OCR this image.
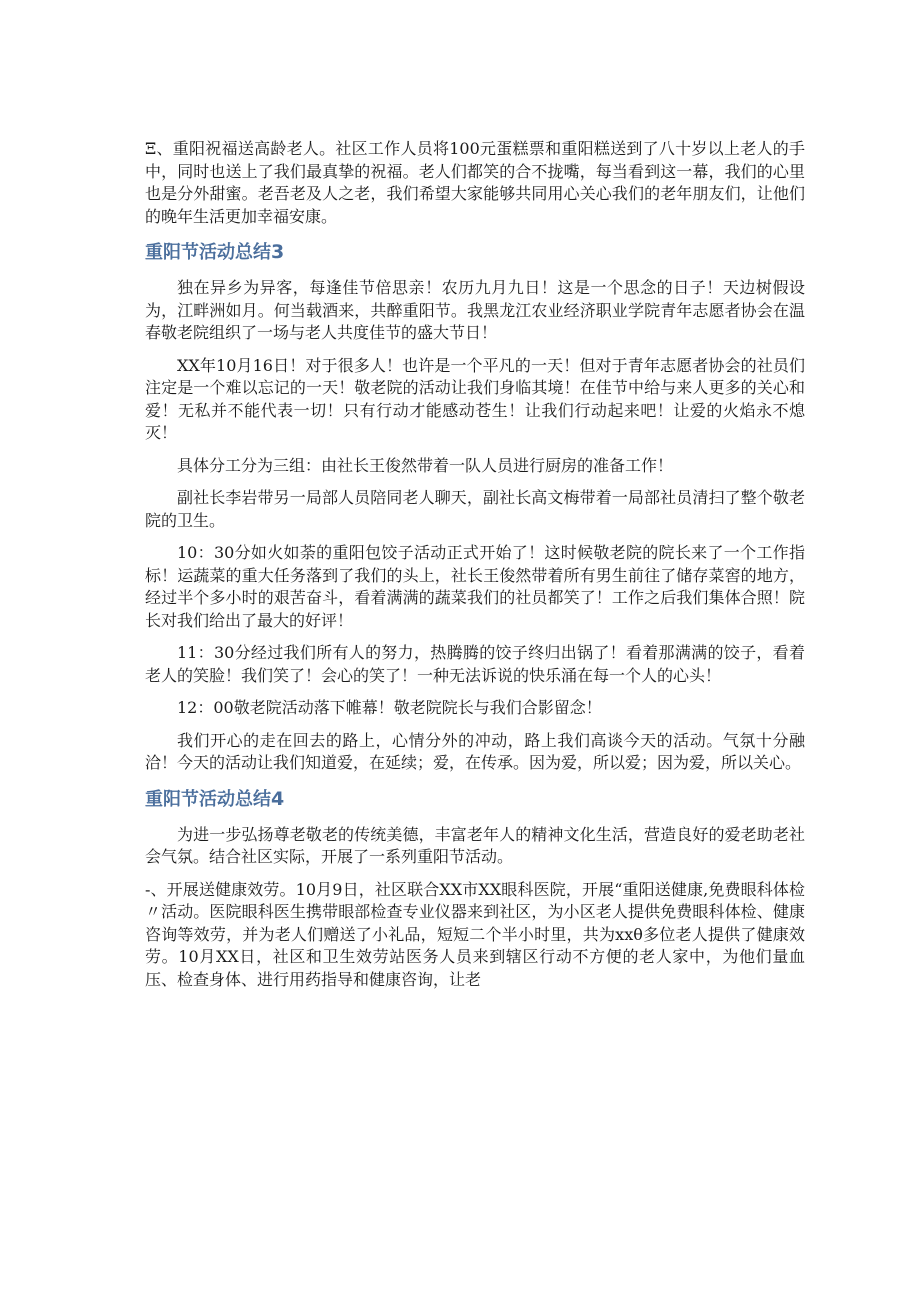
Ξ、重阳祝福送高龄老人。社区工作人员将100元蛋糕票和重阳糕送到了八十岁以上老人的手中，同时也送上了我们最真挚的祝福。老人们都笑的合不拢嘴，每当看到这一幕，我们的心里也是分外甜蜜。老吾老及人之老，我们希望大家能够共同用心关心我们的老年朋友们，让他们的晚年生活更加幸福安康。

重阳节活动总结3

独在异乡为异客，每逢佳节倍思亲！农历九月九日！这是一个思念的日子！天边树假设为，江畔洲如月。何当载酒来，共醉重阳节。我黑龙江农业经济职业学院青年志愿者协会在温春敬老院组织了一场与老人共度佳节的盛大节日！

XX年10月16日！对于很多人！也许是一个平凡的一天！但对于青年志愿者协会的社员们注定是一个难以忘记的一天！敬老院的活动让我们身临其境！在佳节中给与来人更多的关心和爱！无私并不能代表一切！只有行动才能感动苍生！让我们行动起来吧！让爱的火焰永不熄灭！

具体分工分为三组：由社长王俊然带着一队人员进行厨房的准备工作！

副社长李岩带另一局部人员陪同老人聊天，副社长高文梅带着一局部社员清扫了整个敬老院的卫生。

10：30分如火如荼的重阳包饺子活动正式开始了！这时候敬老院的院长来了一个工作指标！运蔬菜的重大任务落到了我们的头上，社长王俊然带着所有男生前往了储存菜窖的地方，经过半个多小时的艰苦奋斗，看着满满的蔬菜我们的社员都笑了！工作之后我们集体合照！院长对我们给出了最大的好评！

11：30分经过我们所有人的努力，热腾腾的饺子终归出锅了！看着那满满的饺子，看着老人的笑脸！我们笑了！会心的笑了！一种无法诉说的快乐涌在每一个人的心头！

12：00敬老院活动落下帷幕！敬老院院长与我们合影留念！

我们开心的走在回去的路上，心情分外的冲动，路上我们高谈今天的活动。气氛十分融洽！今天的活动让我们知道爱，在延续；爱，在传承。因为爱，所以爱；因为爱，所以关心。

重阳节活动总结4

为进一步弘扬尊老敬老的传统美德，丰富老年人的精神文化生活，营造良好的爱老助老社会气氛。结合社区实际，开展了一系列重阳节活动。

-、开展送健康效劳。10月9日，社区联合XX市XX眼科医院，开展“重阳送健康,免费眼科体检〃活动。医院眼科医生携带眼部检查专业仪器来到社区，为小区老人提供免费眼科体检、健康咨询等效劳，并为老人们赠送了小礼品，短短二个半小时里，共为xxθ多位老人提供了健康效劳。10月XX日，社区和卫生效劳站医务人员来到辖区行动不方便的老人家中，为他们量血压、检查身体、进行用药指导和健康咨询，让老
